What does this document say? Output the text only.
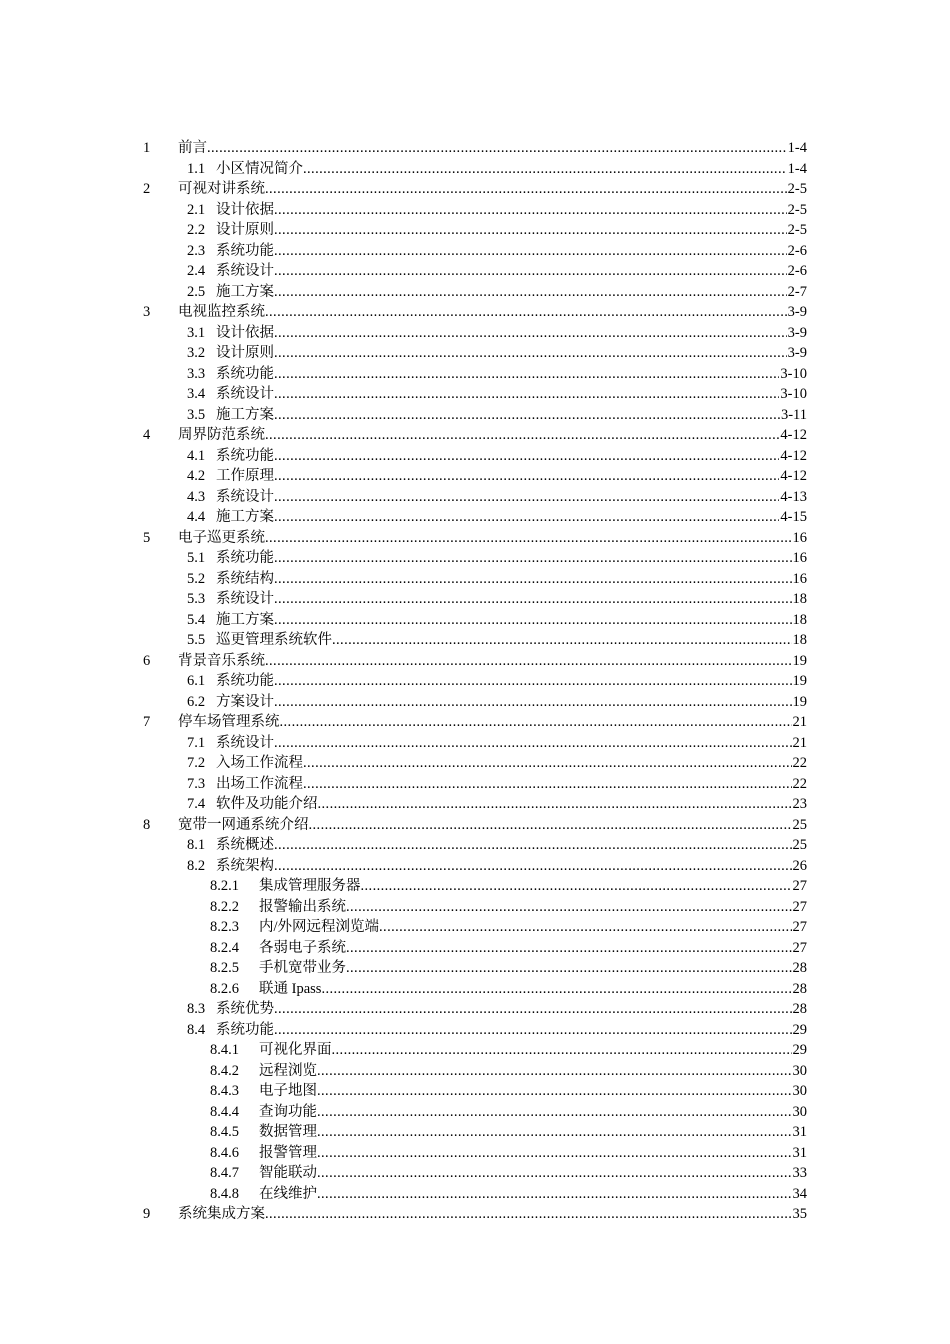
1 前言 .....	1-4
1.1 小区情况简介 .....	1-4
2 可视对讲系统 .....	2-5
2.1 设计依据 .....	2-5
2.2 设计原则 .....	2-5
2.3 系统功能 .....	2-6
2.4 系统设计 .....	2-6
2.5 施工方案 .....	2-7
3 电视监控系统 .....	3-9
3.1 设计依据 .....	3-9
3.2 设计原则 .....	3-9
3.3 系统功能 .....	3-10
3.4 系统设计 .....	3-10
3.5 施工方案 .....	3-11
4 周界防范系统 .....	4-12
4.1 系统功能 .....	4-12
4.2 工作原理 .....	4-12
4.3 系统设计 .....	4-13
4.4 施工方案 .....	4-15
5 电子巡更系统 .....	16
5.1 系统功能 .....	16
5.2 系统结构 .....	16
5.3 系统设计 .....	18
5.4 施工方案 .....	18
5.5 巡更管理系统软件 .....	18
6 背景音乐系统 .....	19
6.1 系统功能 .....	19
6.2 方案设计 .....	19
7 停车场管理系统 .....	21
7.1 系统设计 .....	21
7.2 入场工作流程 .....	22
7.3 出场工作流程 .....	22
7.4 软件及功能介绍 .....	23
8 宽带一网通系统介绍 .....	25
8.1 系统概述 .....	25
8.2 系统架构 .....	26
8.2.1 集成管理服务器 .....	27
8.2.2 报警输出系统 .....	27
8.2.3 内/外网远程浏览端 .....	27
8.2.4 各弱电子系统 .....	27
8.2.5 手机宽带业务 .....	28
8.2.6 联通 Ipass .....	28
8.3 系统优势 .....	28
8.4 系统功能 .....	29
8.4.1 可视化界面 .....	29
8.4.2 远程浏览 .....	30
8.4.3 电子地图 .....	30
8.4.4 查询功能 .....	30
8.4.5 数据管理 .....	31
8.4.6 报警管理 .....	31
8.4.7 智能联动 .....	33
8.4.8 在线维护 .....	34
9 系统集成方案 .....	35
